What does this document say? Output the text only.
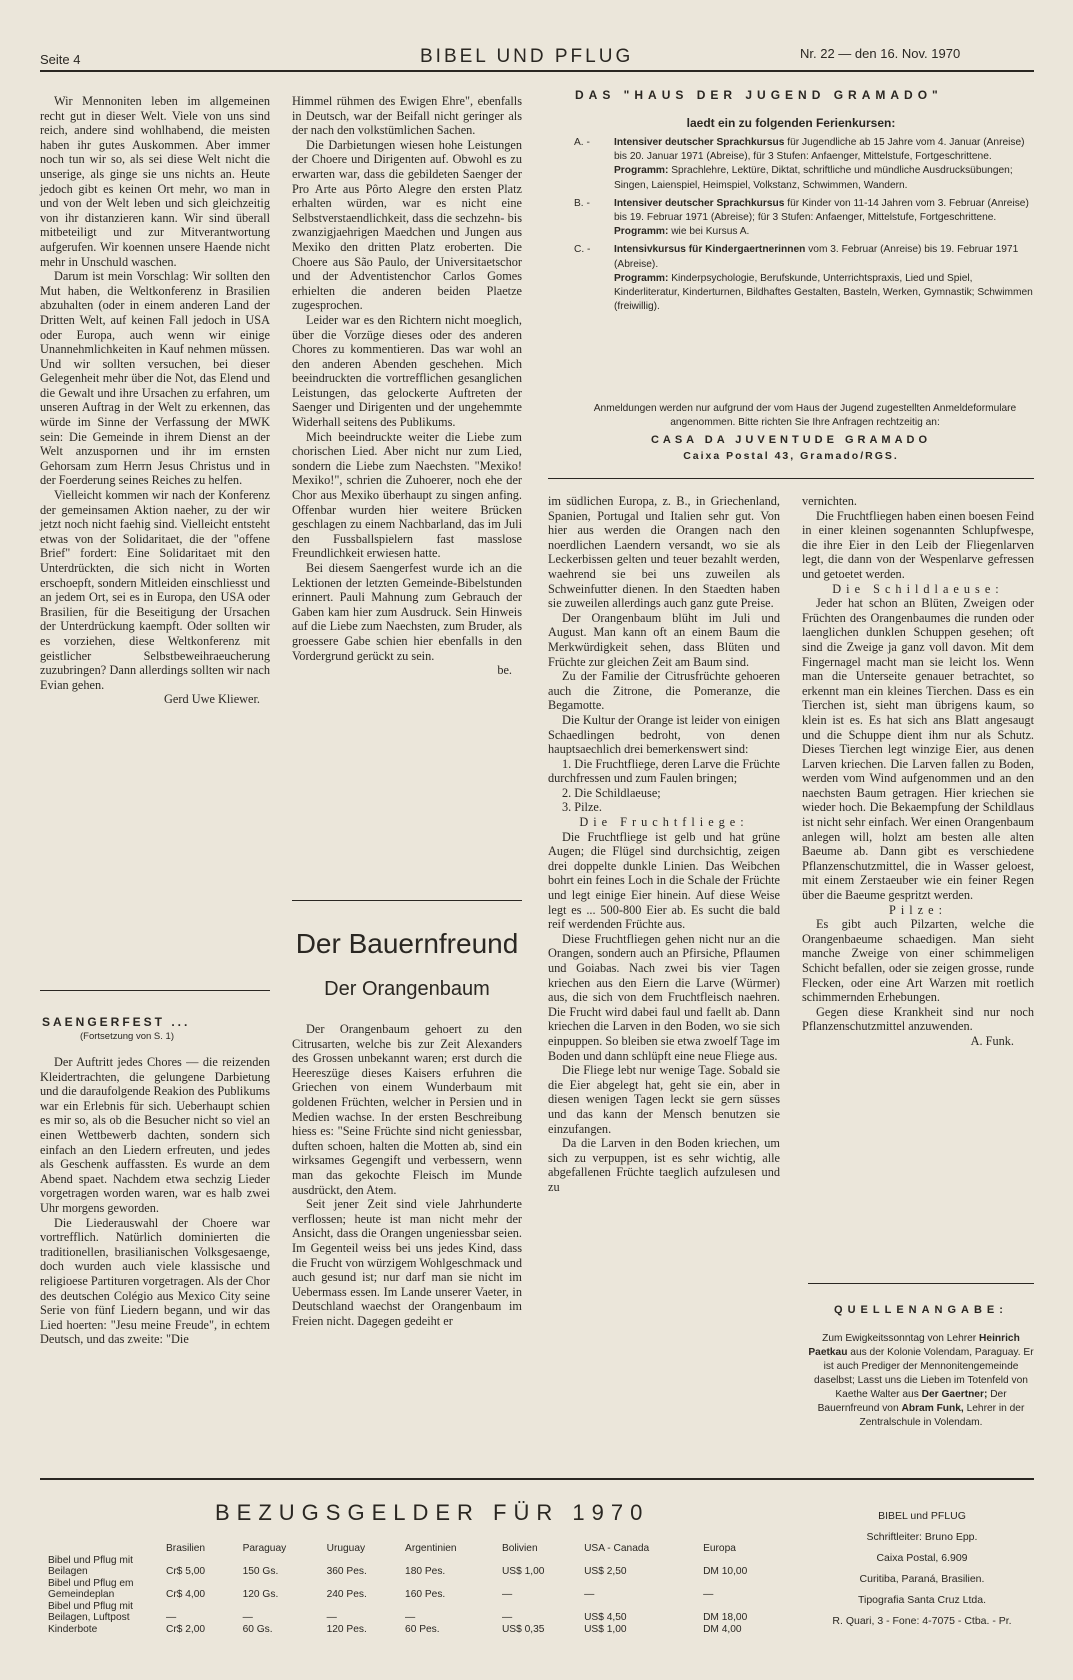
Seite 4	BIBEL UND PFLUG	Nr. 22 — den 16. Nov. 1970

Wir Mennoniten leben im allgemeinen recht gut in dieser Welt. Viele von uns sind reich, andere sind wohlhabend, die meisten haben ihr gutes Auskommen. Aber immer noch tun wir so, als sei diese Welt nicht die unserige, als ginge sie uns nichts an. Heute jedoch gibt es keinen Ort mehr, wo man in und von der Welt leben und sich gleichzeitig von ihr distanzieren kann. Wir sind überall mitbeteiligt und zur Mitverantwortung aufgerufen. Wir koennen unsere Haende nicht mehr in Unschuld waschen.

Darum ist mein Vorschlag: Wir sollten den Mut haben, die Weltkonferenz in Brasilien abzuhalten (oder in einem anderen Land der Dritten Welt, auf keinen Fall jedoch in USA oder Europa, auch wenn wir einige Unannehmlichkeiten in Kauf nehmen müssen. Und wir sollten versuchen, bei dieser Gelegenheit mehr über die Not, das Elend und die Gewalt und ihre Ursachen zu erfahren, um unseren Auftrag in der Welt zu erkennen, das würde im Sinne der Verfassung der MWK sein: Die Gemeinde in ihrem Dienst an der Welt anzuspornen und ihr im ernsten Gehorsam zum Herrn Jesus Christus und in der Foerderung seines Reiches zu helfen.

Vielleicht kommen wir nach der Konferenz der gemeinsamen Aktion naeher, zu der wir jetzt noch nicht faehig sind. Vielleicht entsteht etwas von der Solidaritaet, die der "offene Brief" fordert: Eine Solidaritaet mit den Unterdrückten, die sich nicht in Worten erschoepft, sondern Mitleiden einschliesst und an jedem Ort, sei es in Europa, den USA oder Brasilien, für die Beseitigung der Ursachen der Unterdrückung kaempft. Oder sollten wir es vorziehen, diese Weltkonferenz mit geistlicher Selbstbeweihraeucherung zuzubringen? Dann allerdings sollten wir nach Evian gehen.

Gerd Uwe Kliewer.
SAENGERFEST ...
(Fortsetzung von S. 1)

Der Auftritt jedes Chores — die reizenden Kleidertrachten, die gelungene Darbietung und die daraufolgende Reakion des Publikums war ein Erlebnis für sich. Ueberhaupt schien es mir so, als ob die Besucher nicht so viel an einen Wettbewerb dachten, sondern sich einfach an den Liedern erfreuten, und jedes als Geschenk auffassten. Es wurde an dem Abend spaet. Nachdem etwa sechzig Lieder vorgetragen worden waren, war es halb zwei Uhr morgens geworden.

Die Liederauswahl der Choere war vortrefflich. Natürlich dominierten die traditionellen, brasilianischen Volksgesaenge, doch wurden auch viele klassische und religioese Partituren vorgetragen. Als der Chor des deutschen Colégio aus Mexico City seine Serie von fünf Liedern begann, und wir das Lied hoerten: "Jesu meine Freude", in echtem Deutsch, und das zweite: "Die

Himmel rühmen des Ewigen Ehre", ebenfalls in Deutsch, war der Beifall nicht geringer als der nach den volkstümlichen Sachen.

Die Darbietungen wiesen hohe Leistungen der Choere und Dirigenten auf. Obwohl es zu erwarten war, dass die gebildeten Saenger der Pro Arte aus Pôrto Alegre den ersten Platz erhalten würden, war es nicht eine Selbstverstaendlichkeit, dass die sechzehn- bis zwanzigjaehrigen Maedchen und Jungen aus Mexiko den dritten Platz eroberten. Die Choere aus São Paulo, der Universitaetschor und der Adventistenchor Carlos Gomes erhielten die anderen beiden Plaetze zugesprochen.

Leider war es den Richtern nicht moeglich, über die Vorzüge dieses oder des anderen Chores zu kommentieren. Das war wohl an den anderen Abenden geschehen. Mich beeindruckten die vortrefflichen gesanglichen Leistungen, das gelockerte Auftreten der Saenger und Dirigenten und der ungehemmte Widerhall seitens des Publikums.

Mich beeindruckte weiter die Liebe zum chorischen Lied. Aber nicht nur zum Lied, sondern die Liebe zum Naechsten. "Mexiko! Mexiko!", schrien die Zuhoerer, noch ehe der Chor aus Mexiko überhaupt zu singen anfing. Offenbar wurden hier weitere Brücken geschlagen zu einem Nachbarland, das im Juli den Fussballspielern fast masslose Freundlichkeit erwiesen hatte.

Bei diesem Saengerfest wurde ich an die Lektionen der letzten Gemeinde-Bibelstunden erinnert. Pauli Mahnung zum Gebrauch der Gaben kam hier zum Ausdruck. Sein Hinweis auf die Liebe zum Naechsten, zum Bruder, als groessere Gabe schien hier ebenfalls in den Vordergrund gerückt zu sein.

be.
Der Bauernfreund
Der Orangenbaum

Der Orangenbaum gehoert zu den Citrusarten, welche bis zur Zeit Alexanders des Grossen unbekannt waren; erst durch die Heereszüge dieses Kaisers erfuhren die Griechen von einem Wunderbaum mit goldenen Früchten, welcher in Persien und in Medien wachse. In der ersten Beschreibung hiess es: "Seine Früchte sind nicht geniessbar, duften schoen, halten die Motten ab, sind ein wirksames Gegengift und verbessern, wenn man das gekochte Fleisch im Munde ausdrückt, den Atem.

Seit jener Zeit sind viele Jahrhunderte verflossen; heute ist man nicht mehr der Ansicht, dass die Orangen ungeniessbar seien. Im Gegenteil weiss bei uns jedes Kind, dass die Frucht von würzigem Wohlgeschmack und auch gesund ist; nur darf man sie nicht im Uebermass essen. Im Lande unserer Vaeter, in Deutschland waechst der Orangenbaum im Freien nicht. Dagegen gedeiht er

DAS "HAUS DER JUGEND GRAMADO"
laedt ein zu folgenden Ferienkursen:
A. -	Intensiver deutscher Sprachkursus für Jugendliche ab 15 Jahre vom 4. Januar (Anreise) bis 20. Januar 1971 (Abreise), für 3 Stufen: Anfaenger, Mittelstufe, Fortgeschrittene.
Programm: Sprachlehre, Lektüre, Diktat, schriftliche und mündliche Ausdrucksübungen; Singen, Laienspiel, Heimspiel, Volkstanz, Schwimmen, Wandern.
B. -	Intensiver deutscher Sprachkursus für Kinder von 11-14 Jahren vom 3. Februar (Anreise) bis 19. Februar 1971 (Abreise); für 3 Stufen: Anfaenger, Mittelstufe, Fortgeschrittene.
Programm: wie bei Kursus A.
C. -	Intensivkursus für Kindergaertnerinnen vom 3. Februar (Anreise) bis 19. Februar 1971 (Abreise).
Programm: Kinderpsychologie, Berufskunde, Unterrichtspraxis, Lied und Spiel, Kinderliteratur, Kinderturnen, Bildhaftes Gestalten, Basteln, Werken, Gymnastik; Schwimmen (freiwillig).
Anmeldungen werden nur aufgrund der vom Haus der Jugend zugestellten Anmeldeformulare angenommen. Bitte richten Sie Ihre Anfragen rechtzeitig an:
CASA DA JUVENTUDE GRAMADO
Caixa Postal 43, Gramado/RGS.

im südlichen Europa, z. B., in Griechenland, Spanien, Portugal und Italien sehr gut. Von hier aus werden die Orangen nach den noerdlichen Laendern versandt, wo sie als Leckerbissen gelten und teuer bezahlt werden, waehrend sie bei uns zuweilen als Schweinfutter dienen. In den Staedten haben sie zuweilen allerdings auch ganz gute Preise.

Der Orangenbaum blüht im Juli und August. Man kann oft an einem Baum die Merkwürdigkeit sehen, dass Blüten und Früchte zur gleichen Zeit am Baum sind.

Zu der Familie der Citrusfrüchte gehoeren auch die Zitrone, die Pomeranze, die Begamotte.

Die Kultur der Orange ist leider von einigen Schaedlingen bedroht, von denen hauptsaechlich drei bemerkenswert sind:

1. Die Fruchtfliege, deren Larve die Früchte durchfressen und zum Faulen bringen;

2. Die Schildlaeuse;

3. Pilze.

Die Fruchtfliege:

Die Fruchtfliege ist gelb und hat grüne Augen; die Flügel sind durchsichtig, zeigen drei doppelte dunkle Linien. Das Weibchen bohrt ein feines Loch in die Schale der Früchte und legt einige Eier hinein. Auf diese Weise legt es ... 500-800 Eier ab. Es sucht die bald reif werdenden Früchte aus.

Diese Fruchtfliegen gehen nicht nur an die Orangen, sondern auch an Pfirsiche, Pflaumen und Goiabas. Nach zwei bis vier Tagen kriechen aus den Eiern die Larve (Würmer) aus, die sich von dem Fruchtfleisch naehren. Die Frucht wird dabei faul und faellt ab. Dann kriechen die Larven in den Boden, wo sie sich einpuppen. So bleiben sie etwa zwoelf Tage im Boden und dann schlüpft eine neue Fliege aus.

Die Fliege lebt nur wenige Tage. Sobald sie die Eier abgelegt hat, geht sie ein, aber in diesen wenigen Tagen leckt sie gern süsses und das kann der Mensch benutzen sie einzufangen.

Da die Larven in den Boden kriechen, um sich zu verpuppen, ist es sehr wichtig, alle abgefallenen Früchte taeglich aufzulesen und zu

vernichten.

Die Fruchtfliegen haben einen boesen Feind in einer kleinen sogenannten Schlupfwespe, die ihre Eier in den Leib der Fliegenlarven legt, die dann von der Wespenlarve gefressen und getoetet werden.

Die Schildlaeuse:

Jeder hat schon an Blüten, Zweigen oder Früchten des Orangenbaumes die runden oder laenglichen dunklen Schuppen gesehen; oft sind die Zweige ja ganz voll davon. Mit dem Fingernagel macht man sie leicht los. Wenn man die Unterseite genauer betrachtet, so erkennt man ein kleines Tierchen. Dass es ein Tierchen ist, sieht man übrigens kaum, so klein ist es. Es hat sich ans Blatt angesaugt und die Schuppe dient ihm nur als Schutz. Dieses Tierchen legt winzige Eier, aus denen Larven kriechen. Die Larven fallen zu Boden, werden vom Wind aufgenommen und an den naechsten Baum getragen. Hier kriechen sie wieder hoch. Die Bekaempfung der Schildlaus ist nicht sehr einfach. Wer einen Orangenbaum anlegen will, holzt am besten alle alten Baeume ab. Dann gibt es verschiedene Pflanzenschutzmittel, die in Wasser geloest, mit einem Zerstaeuber wie ein feiner Regen über die Baeume gespritzt werden.

Pilze:

Es gibt auch Pilzarten, welche die Orangenbaeume schaedigen. Man sieht manche Zweige von einer schimmeligen Schicht befallen, oder sie zeigen grosse, runde Flecken, oder eine Art Warzen mit roetlich schimmernden Erhebungen.

Gegen diese Krankheit sind nur noch Pflanzenschutzmittel anzuwenden.

A. Funk.
QUELLENANGABE:
Zum Ewigkeitssonntag von Lehrer Heinrich Paetkau aus der Kolonie Volendam, Paraguay. Er ist auch Prediger der Mennonitengemeinde daselbst; Lasst uns die Lieben im Totenfeld von Kaethe Walter aus Der Gaertner; Der Bauernfreund von Abram Funk, Lehrer in der Zentralschule in Volendam.
BEZUGSGELDER FÜR 1970
	Brasilien	Paraguay	Uruguay	Argentinien	Bolivien	USA - Canada	Europa
Bibel und Pflug mit Beilagen	Cr$ 5,00	150 Gs.	360 Pes.	180 Pes.	US$ 1,00	US$ 2,50	DM 10,00
Bibel und Pflug em Gemeindeplan	Cr$ 4,00	120 Gs.	240 Pes.	160 Pes.	—	—	—
Bibel und Pflug mit Beilagen, Luftpost	—	—	—	—	—	US$ 4,50	DM 18,00
Kinderbote	Cr$ 2,00	60 Gs.	120 Pes.	60 Pes.	US$ 0,35	US$ 1,00	DM 4,00
BIBEL und PFLUG
Schriftleiter: Bruno Epp.
Caixa Postal, 6.909
Curitiba, Paraná, Brasilien.
Tipografia Santa Cruz Ltda.
R. Quari, 3 - Fone: 4-7075 - Ctba. - Pr.
